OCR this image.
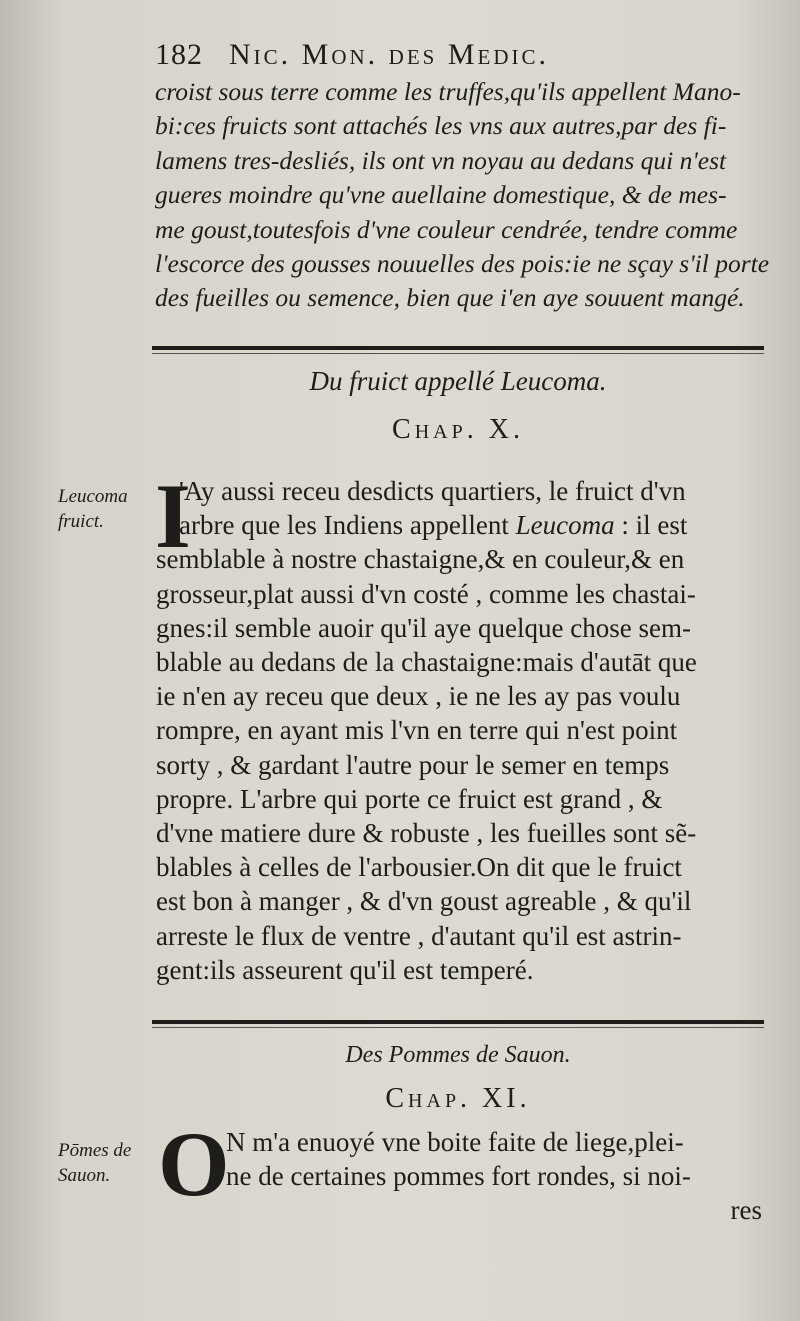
182 Nic. Mon. des Medic.
croist sous terre comme les truffes,qu'ils appellent Mano-
bi:ces fruicts sont attachés les vns aux autres,par des fi-
lamens tres-desliés, ils ont vn noyau au dedans qui n'est
gueres moindre qu'vne auellaine domestique, & de mes-
me goust,toutesfois d'vne couleur cendrée, tendre comme
l'escorce des gousses nouuelles des pois:ie ne sçay s'il porte
des fueilles ou semence, bien que i'en aye souuent mangé.
Du fruict appellé Leucoma.
Chap. X.
Leucoma
fruict. I
'Ay aussi receu desdicts quartiers, le fruict d'vn
arbre que les Indiens appellent Leucoma : il est
semblable à nostre chastaigne,& en couleur,& en
grosseur,plat aussi d'vn costé , comme les chastai-
gnes:il semble auoir qu'il aye quelque chose sem-
blable au dedans de la chastaigne:mais d'autāt que
ie n'en ay receu que deux , ie ne les ay pas voulu
rompre, en ayant mis l'vn en terre qui n'est point
sorty , & gardant l'autre pour le semer en temps
propre. L'arbre qui porte ce fruict est grand , &
d'vne matiere dure & robuste , les fueilles sont sẽ-
blables à celles de l'arbousier.On dit que le fruict
est bon à manger , & d'vn goust agreable , & qu'il
arreste le flux de ventre , d'autant qu'il est astrin-
gent:ils asseurent qu'il est temperé.
Des Pommes de Sauon.
Chap. XI.
Pōmes de
Sauon. O
N m'a enuoyé vne boite faite de liege,plei-
ne de certaines pommes fort rondes, si noi-
res
